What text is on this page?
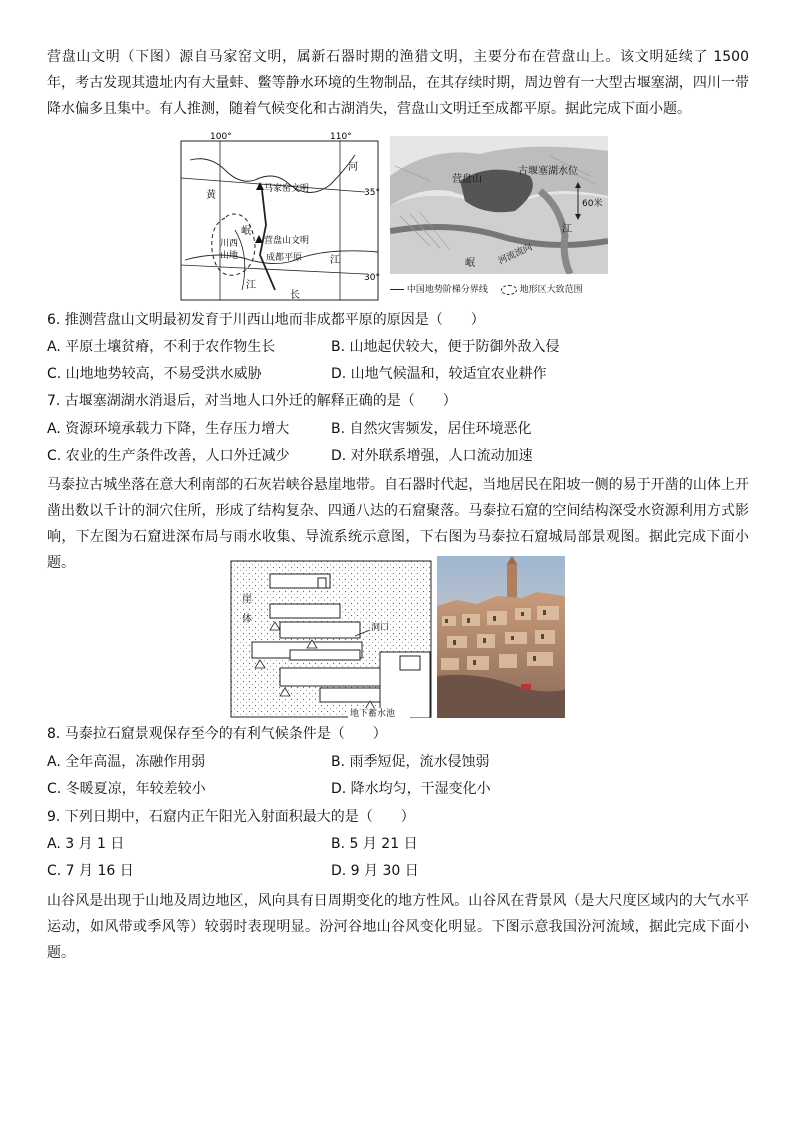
营盘山文明（下图）源自马家窑文明，属新石器时期的渔猎文明，主要分布在营盘山上。该文明延续了 1500 年，考古发现其遗址内有大量蚌、鳖等静水环境的生物制品，在其存续时期，周边曾有一大型古堰塞湖，四川一带降水偏多且集中。有人推测，随着气候变化和古湖消失，营盘山文明迁至成都平原。据此完成下面小题。
马家窑文明
营盘山文明
成都平原
岷
川西
山地
黄
河
江
江
长
100°	110°
35°
30°
营盘山
古堰塞湖水位
60米
江
岷 河流流向
中国地势阶梯分界线	地形区大致范围
6. 推测营盘山文明最初发育于川西山地而非成都平原的原因是（　　）
A. 平原土壤贫瘠，不利于农作物生长	B. 山地起伏较大，便于防御外敌入侵
C. 山地地势较高，不易受洪水威胁	D. 山地气候温和，较适宜农业耕作
7. 古堰塞湖湖水消退后，对当地人口外迁的解释正确的是（　　）
A. 资源环境承载力下降，生存压力增大	B. 自然灾害频发，居住环境恶化
C. 农业的生产条件改善，人口外迁减少	D. 对外联系增强，人口流动加速
马泰拉古城坐落在意大利南部的石灰岩峡谷悬崖地带。自石器时代起，当地居民在阳坡一侧的易于开凿的山体上开凿出数以千计的洞穴住所，形成了结构复杂、四通八达的石窟聚落。马泰拉石窟的空间结构深受水资源利用方式影响，下左图为石窟进深布局与雨水收集、导流系统示意图，下右图为马泰拉石窟城局部景观图。据此完成下面小题。
崖
体
洞口
地下蓄水池
8. 马泰拉石窟景观保存至今的有利气候条件是（　　）
A. 全年高温，冻融作用弱	B. 雨季短促，流水侵蚀弱
C. 冬暖夏凉，年较差较小	D. 降水均匀，干湿变化小
9. 下列日期中，石窟内正午阳光入射面积最大的是（　　）
A. 3 月 1 日	B. 5 月 21 日
C. 7 月 16 日	D. 9 月 30 日
山谷风是出现于山地及周边地区，风向具有日周期变化的地方性风。山谷风在背景风（是大尺度区域内的大气水平运动，如风带或季风等）较弱时表现明显。汾河谷地山谷风变化明显。下图示意我国汾河流域，据此完成下面小题。
